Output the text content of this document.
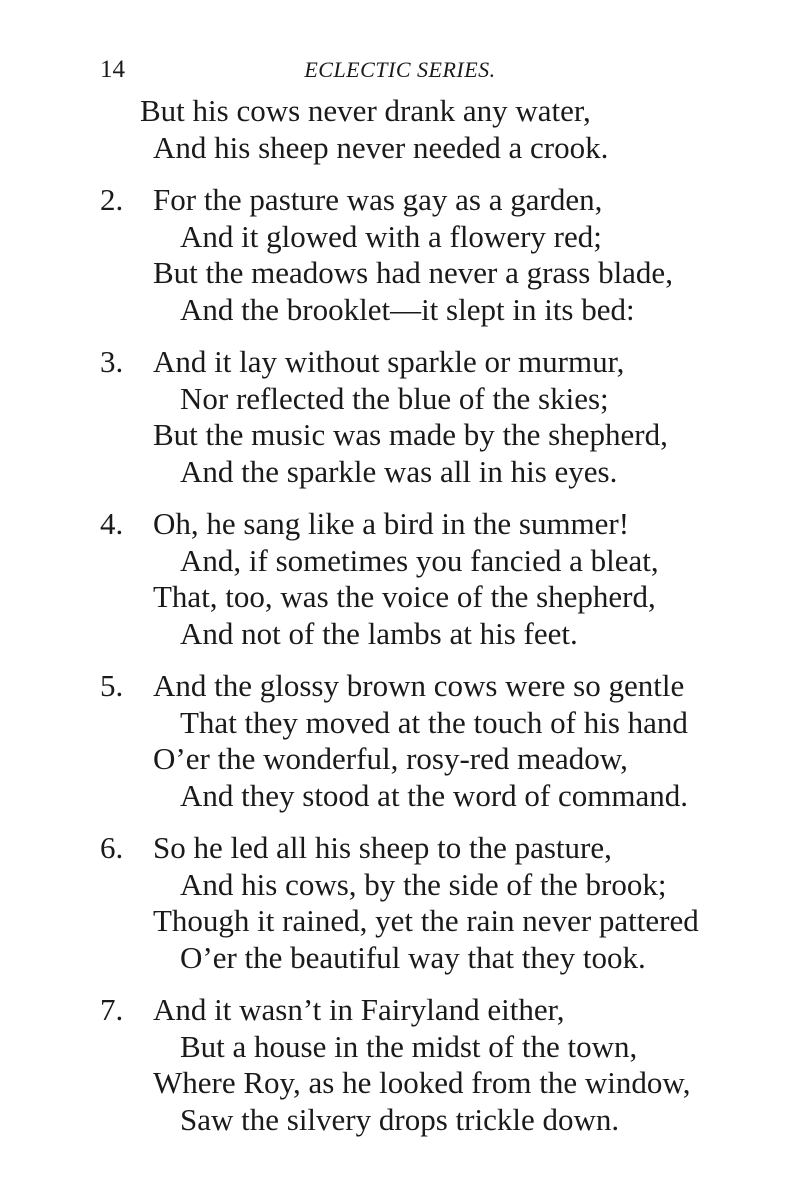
14	ECLECTIC SERIES.
But his cows never drank any water,
And his sheep never needed a crook.
2. For the pasture was gay as a garden,
And it glowed with a flowery red;
But the meadows had never a grass blade,
And the brooklet—it slept in its bed:
3. And it lay without sparkle or murmur,
Nor reflected the blue of the skies;
But the music was made by the shepherd,
And the sparkle was all in his eyes.
4. Oh, he sang like a bird in the summer!
And, if sometimes you fancied a bleat,
That, too, was the voice of the shepherd,
And not of the lambs at his feet.
5. And the glossy brown cows were so gentle
That they moved at the touch of his hand
O’er the wonderful, rosy-red meadow,
And they stood at the word of command.
6. So he led all his sheep to the pasture,
And his cows, by the side of the brook;
Though it rained, yet the rain never pattered
O’er the beautiful way that they took.
7. And it wasn’t in Fairyland either,
But a house in the midst of the town,
Where Roy, as he looked from the window,
Saw the silvery drops trickle down.
